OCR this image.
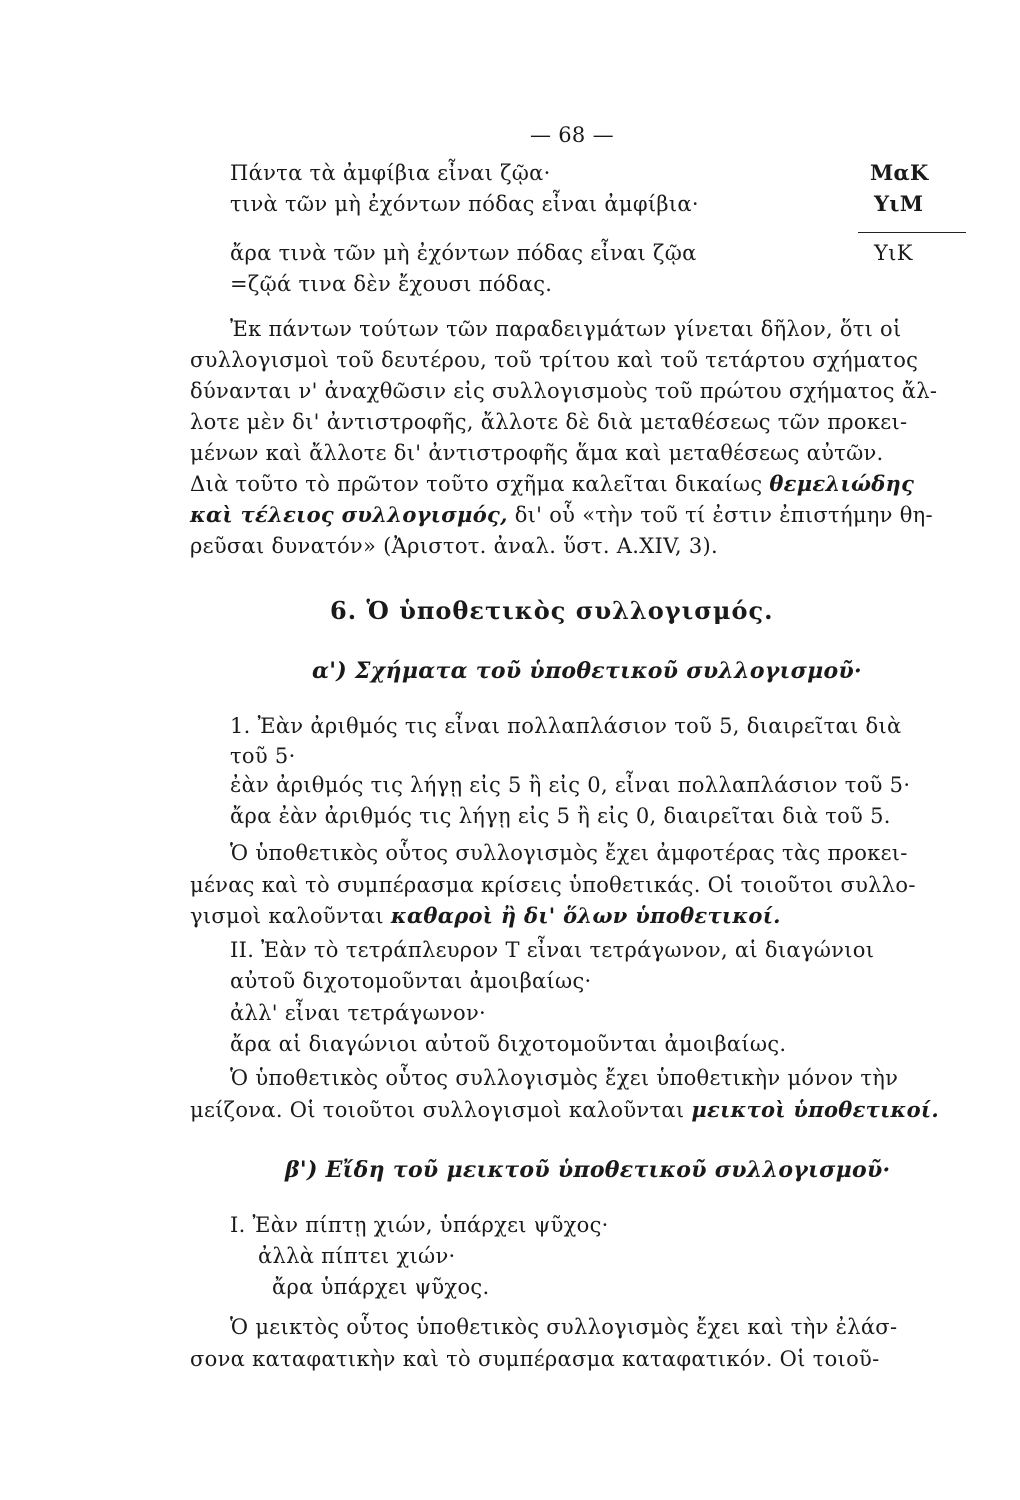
— 68 —
Πάντα τὰ ἀμφίβια εἶναι ζῷα·
τινὰ τῶν μὴ ἐχόντων πόδας εἶναι ἀμφίβια·
ἄρα τινὰ τῶν μὴ ἐχόντων πόδας εἶναι ζῷα
=ζῷά τινα δὲν ἔχουσι πόδας.
ΜαΚ
ΥιΜ
ΥιΚ
Ἐκ πάντων τούτων τῶν παραδειγμάτων γίνεται δῆλον, ὅτι οἱ
συλλογισμοὶ τοῦ δευτέρου, τοῦ τρίτου καὶ τοῦ τετάρτου σχήματος
δύνανται ν' ἀναχθῶσιν εἰς συλλογισμοὺς τοῦ πρώτου σχήματος ἄλ-
λοτε μὲν δι' ἀντιστροφῆς, ἄλλοτε δὲ διὰ μεταθέσεως τῶν προκει-
μένων καὶ ἄλλοτε δι' ἀντιστροφῆς ἅμα καὶ μεταθέσεως αὐτῶν.
Διὰ τοῦτο τὸ πρῶτον τοῦτο σχῆμα καλεῖται δικαίως θεμελιώδης
καὶ τέλειος συλλογισμός, δι' οὗ «τὴν τοῦ τί ἐστιν ἐπιστήμην θη-
ρεῦσαι δυνατόν» (Ἀριστοτ. ἀναλ. ὕστ. Α.XIV, 3).
6. Ὁ ὑποθετικὸς συλλογισμός.
α') Σχήματα τοῦ ὑποθετικοῦ συλλογισμοῦ·
1. Ἐὰν ἀριθμός τις εἶναι πολλαπλάσιον τοῦ 5, διαιρεῖται διὰ
τοῦ 5·
ἐὰν ἀριθμός τις λήγῃ εἰς 5 ἢ εἰς 0, εἶναι πολλαπλάσιον τοῦ 5·
ἄρα ἐὰν ἀριθμός τις λήγῃ εἰς 5 ἢ εἰς 0, διαιρεῖται διὰ τοῦ 5.
Ὁ ὑποθετικὸς οὗτος συλλογισμὸς ἔχει ἀμφοτέρας τὰς προκει-
μένας καὶ τὸ συμπέρασμα κρίσεις ὑποθετικάς. Οἱ τοιοῦτοι συλλο-
γισμοὶ καλοῦνται καθαροὶ ἢ δι' ὅλων ὑποθετικοί.
II. Ἐὰν τὸ τετράπλευρον Τ εἶναι τετράγωνον, αἱ διαγώνιοι
αὐτοῦ διχοτομοῦνται ἀμοιβαίως·
ἀλλ' εἶναι τετράγωνον·
ἄρα αἱ διαγώνιοι αὐτοῦ διχοτομοῦνται ἀμοιβαίως.
Ὁ ὑποθετικὸς οὗτος συλλογισμὸς ἔχει ὑποθετικὴν μόνον τὴν
μείζονα. Οἱ τοιοῦτοι συλλογισμοὶ καλοῦνται μεικτοὶ ὑποθετικοί.
β') Εἴδη τοῦ μεικτοῦ ὑποθετικοῦ συλλογισμοῦ·
I. Ἐὰν πίπτῃ χιών, ὑπάρχει ψῦχος·
ἀλλὰ πίπτει χιών·
ἄρα ὑπάρχει ψῦχος.
Ὁ μεικτὸς οὗτος ὑποθετικὸς συλλογισμὸς ἔχει καὶ τὴν ἐλάσ-
σονα καταφατικὴν καὶ τὸ συμπέρασμα καταφατικόν. Οἱ τοιοῦ-
